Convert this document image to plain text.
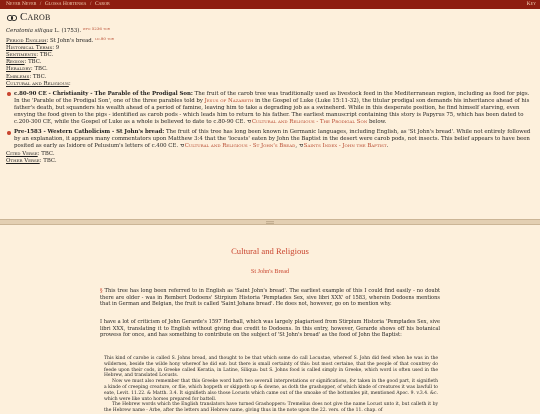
Never Never / Glossa Hortensia / Carob	Key
Carob
Ceratonia siliqua L. (1753). $^{wfo 5236 tor}$
Period English: St John's bread. $^{ld.80 tor}$
Historical Terms: 9
Sentiments: TBC.
Region: TBC.
Heraldry: TBC.
Emblems: TBC.
Cultural and Religious:
c.80-90 CE - Christianity - The Parable of the Prodigal Son: The fruit of the carob tree was traditionally used as livestock feed in the Mediterranean region, including as food for pigs. In the 'Parable of the Prodigal Son', one of the three parables told by Jesus of Nazareth in the Gospel of Luke (Luke 15:11-32), the titular prodigal son demands his inheritance ahead of his father's death, but squanders his wealth ahead of a period of famine, leaving him to take a degrading job as a swineherd. While in this desperate position, he find himself starving, even envying the food given to the pigs - identified as carob pods - which leads him to return to his father. The earliest manuscript containing this story is Papyrus 75, which has been dated to c.200-300 CE, while the Gospel of Luke as a whole is believed to date to c.80-90 CE. Cultural and Religious - The Prodigal Son below.
Pre-1583 - Western Catholicism - St John's bread: The fruit of this tree has long been known in Germanic languages, including English, as 'St John's bread'. While not entirely followed by an explanation, it appears many commentators upon Matthew 3:4 that the 'locusts' eaten by John the Baptist in the desert were carob pods, not insects. This belief appears to have been posited as early as Isidore of Pelusium's letters of c.400 CE. Cultural and Religious - St John's Bread, Saints Index - John the Baptist.
Cited Verse: TBC.
Other Verse: TBC.
Cultural and Religious
St John's Bread
§ This tree has long been referred to in English as 'Saint John's bread'. The earliest example of this I could find easily - no doubt there are older - was in Rembert Dodoens' Stirpium Historia 'Pemptades Sex, sive libri XXX' of 1583, wherein Dodoens mentions that in German and Belgian, the fruit is called 'Saint Johans bread'. He does not, however, go on to mention why.
I have a lot of criticism of John Gerarde's 1597 Herball, which was largely plagiarised from Stirpium Historia 'Pemptades Sex, sive libri XXX, translating it to English without giving due credit to Dodoens. In this entry, however, Gerarde shows off his botanical prowess for once, and has something to contribute on the subject of 'St John's bread' as the food of John the Baptist:

This kind of carobe is called S. Johns bread, and thought to be that which some do call Locustae, whereof S. John did feed when he was in the wildernes, beside the wilde hony whereof he did eat: but there is small certainty of this: but most certaine, that the people of that countrey do feede upon their cods, in Greeke called Keratia, in Latine, Siliqua: but S. Johns food is called simply in Greeke, which word is often used in the Hebrew, and translated Locusts.

Now we must also remember that this Greeke word hath two severall interpretations or significations, for taken in the good part, it signifieth a kinde of creeping creature, or flie, which hoppeth or skippeth up & downe, as doth the grashopper, of which kinde of creatures it was lawfull to eate, Levit. 11.22. & Matth. 3.4. It signifieth also those Locusts which came out of the smoake of the bottomles pit, mentioned Apoc. 9. v.3.4. &c. which were like unto horses prepared for battell.

The Hebrew words which the English translators have turned Grashoppers: Tremelius does not give the name Locust unto it, but calleth it by the Hebrew name - Arbe, after the letters and Hebrew name, giving thus in the note upon the 22. vers. of the 11. chap. of
